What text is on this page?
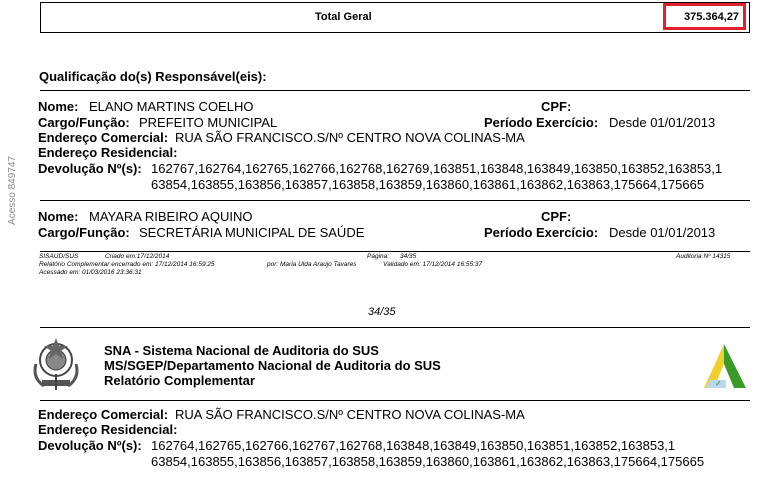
Total Geral	375.364,27
Acesso 849747
Qualificação do(s) Responsável(eis):
Nome: ELANO MARTINS COELHO	CPF:
Cargo/Função: PREFEITO MUNICIPAL	Período Exercício: Desde 01/01/2013
Endereço Comercial: RUA SÃO FRANCISCO.S/Nº CENTRO NOVA COLINAS-MA
Endereço Residencial:
Devolução Nº(s): 162767,162764,162765,162766,162768,162769,163851,163848,163849,163850,163852,163853,1
63854,163855,163856,163857,163858,163859,163860,163861,163862,163863,175664,175665
Nome: MAYARA RIBEIRO AQUINO	CPF:
Cargo/Função: SECRETÁRIA MUNICIPAL DE SAÚDE	Período Exercício: Desde 01/01/2013
SISAUD/SUS	Criado em:17/12/2014	Página: 34/35	Auditoria Nº 14315
Relatório Complementar encerrado em: 17/12/2014 16:59:25	por: Maria Ulda Araujo Tavares	Validado em: 17/12/2014 16:55:37
Acessado em: 01/03/2016 23:36:31
34/35
SNA - Sistema Nacional de Auditoria do SUS
MS/SGEP/Departamento Nacional de Auditoria do SUS
Relatório Complementar	✓
Endereço Comercial: RUA SÃO FRANCISCO.S/Nº CENTRO NOVA COLINAS-MA
Endereço Residencial:
Devolução Nº(s): 162764,162765,162766,162767,162768,163848,163849,163850,163851,163852,163853,1
63854,163855,163856,163857,163858,163859,163860,163861,163862,163863,175664,175665
